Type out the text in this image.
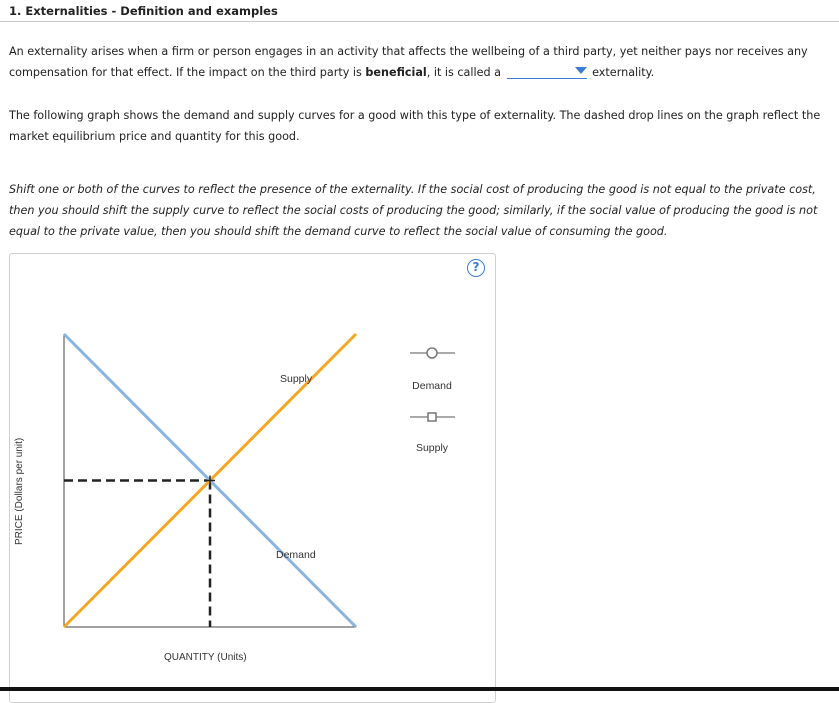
1. Externalities - Definition and examples
An externality arises when a firm or person engages in an activity that affects the wellbeing of a third party, yet neither pays nor receives any compensation for that effect. If the impact on the third party is beneficial, it is called a	externality.
The following graph shows the demand and supply curves for a good with this type of externality. The dashed drop lines on the graph reflect the market equilibrium price and quantity for this good.
Shift one or both of the curves to reflect the presence of the externality. If the social cost of producing the good is not equal to the private cost, then you should shift the supply curve to reflect the social costs of producing the good; similarly, if the social value of producing the good is not equal to the private value, then you should shift the demand curve to reflect the social value of consuming the good.
?
PRICE (Dollars per unit)
QUANTITY (Units)
Supply
Demand
Demand
Supply
